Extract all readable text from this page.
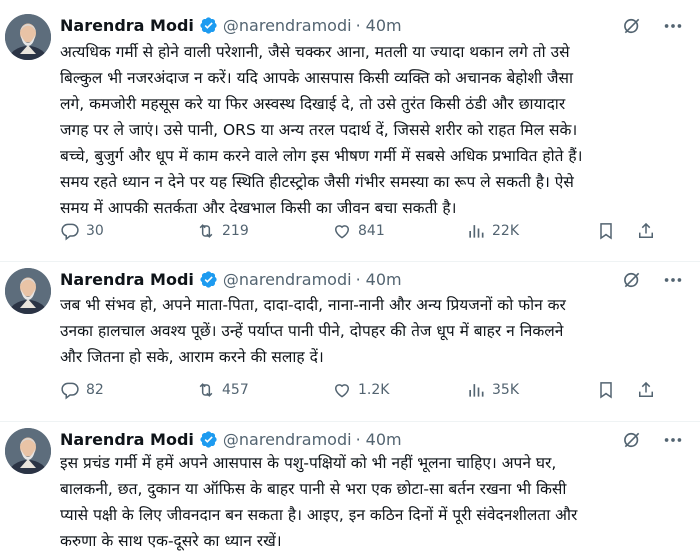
Narendra Modi @narendramodi · 40m
अत्यधिक गर्मी से होने वाली परेशानी, जैसे चक्कर आना, मतली या ज्यादा थकान लगे तो उसे
बिल्कुल भी नजरअंदाज न करें। यदि आपके आसपास किसी व्यक्ति को अचानक बेहोशी जैसा
लगे, कमजोरी महसूस करे या फिर अस्वस्थ दिखाई दे, तो उसे तुरंत किसी ठंडी और छायादार
जगह पर ले जाएं। उसे पानी, ORS या अन्य तरल पदार्थ दें, जिससे शरीर को राहत मिल सके।
बच्चे, बुजुर्ग और धूप में काम करने वाले लोग इस भीषण गर्मी में सबसे अधिक प्रभावित होते हैं।
समय रहते ध्यान न देने पर यह स्थिति हीटस्ट्रोक जैसी गंभीर समस्या का रूप ले सकती है। ऐसे
समय में आपकी सतर्कता और देखभाल किसी का जीवन बचा सकती है।
30	219	841	22K
Narendra Modi @narendramodi · 40m
जब भी संभव हो, अपने माता-पिता, दादा-दादी, नाना-नानी और अन्य प्रियजनों को फोन कर
उनका हालचाल अवश्य पूछें। उन्हें पर्याप्त पानी पीने, दोपहर की तेज धूप में बाहर न निकलने
और जितना हो सके, आराम करने की सलाह दें।
82	457	1.2K	35K
Narendra Modi @narendramodi · 40m
इस प्रचंड गर्मी में हमें अपने आसपास के पशु-पक्षियों को भी नहीं भूलना चाहिए। अपने घर,
बालकनी, छत, दुकान या ऑफिस के बाहर पानी से भरा एक छोटा-सा बर्तन रखना भी किसी
प्यासे पक्षी के लिए जीवनदान बन सकता है। आइए, इन कठिन दिनों में पूरी संवेदनशीलता और
करुणा के साथ एक-दूसरे का ध्यान रखें।
